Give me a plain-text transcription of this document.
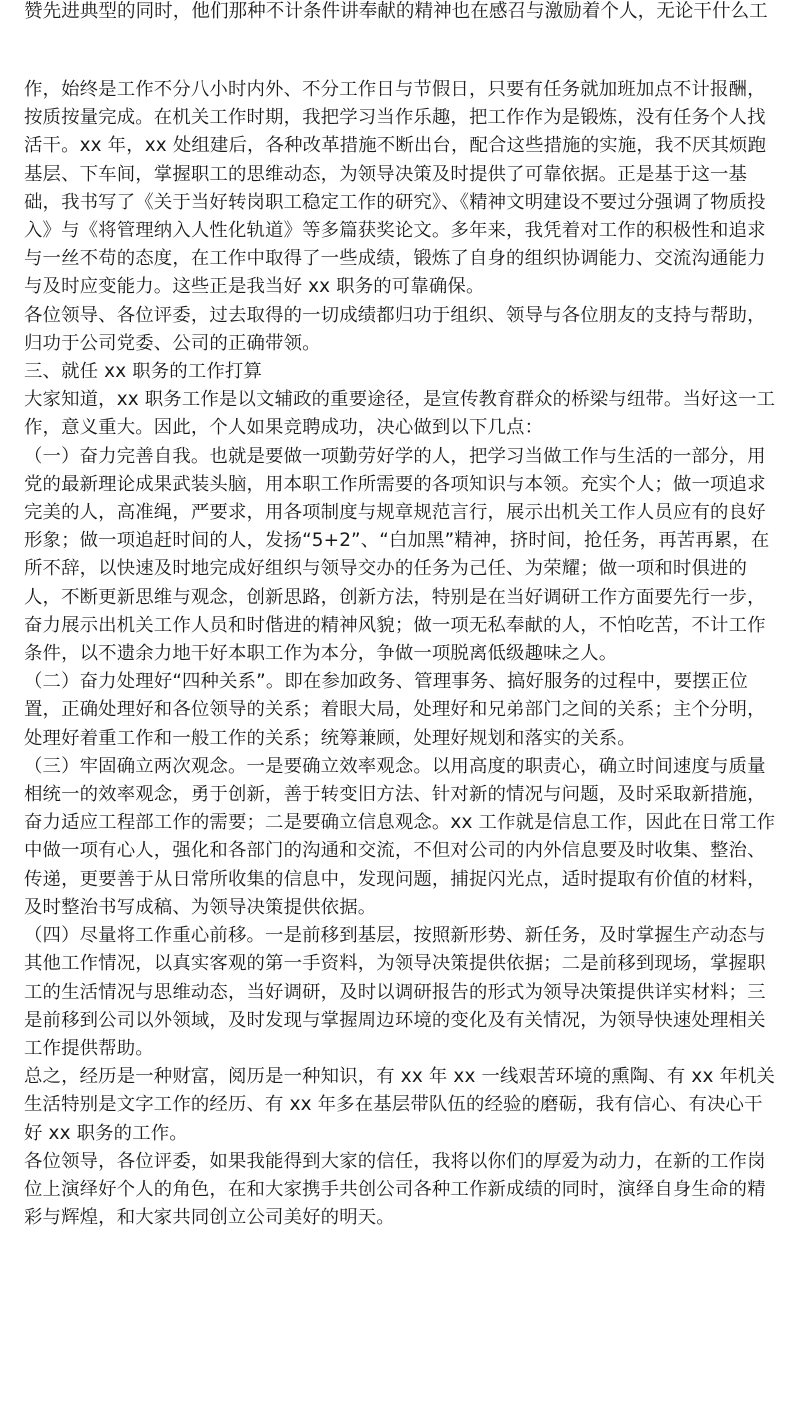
赞先进典型的同时，他们那种不计条件讲奉献的精神也在感召与激励着个人，无论干什么工

作，始终是工作不分八小时内外、不分工作日与节假日，只要有任务就加班加点不计报酬，按质按量完成。在机关工作时期，我把学习当作乐趣，把工作作为是锻炼，没有任务个人找活干。xx 年，xx 处组建后，各种改革措施不断出台，配合这些措施的实施，我不厌其烦跑基层、下车间，掌握职工的思维动态，为领导决策及时提供了可靠依据。正是基于这一基础，我书写了《关于当好转岗职工稳定工作的研究》、《精神文明建设不要过分强调了物质投入》与《将管理纳入人性化轨道》等多篇获奖论文。多年来，我凭着对工作的积极性和追求与一丝不苟的态度，在工作中取得了一些成绩，锻炼了自身的组织协调能力、交流沟通能力与及时应变能力。这些正是我当好 xx 职务的可靠确保。

各位领导、各位评委，过去取得的一切成绩都归功于组织、领导与各位朋友的支持与帮助，归功于公司党委、公司的正确带领。

三、就任 xx 职务的工作打算

大家知道，xx 职务工作是以文辅政的重要途径，是宣传教育群众的桥梁与纽带。当好这一工作，意义重大。因此，个人如果竞聘成功，决心做到以下几点：

（一）奋力完善自我。也就是要做一项勤劳好学的人，把学习当做工作与生活的一部分，用党的最新理论成果武装头脑，用本职工作所需要的各项知识与本领。充实个人；做一项追求完美的人，高准绳，严要求，用各项制度与规章规范言行，展示出机关工作人员应有的良好形象；做一项追赶时间的人，发扬“5+2”、“白加黑”精神，挤时间，抢任务，再苦再累，在所不辞，以快速及时地完成好组织与领导交办的任务为己任、为荣耀；做一项和时俱进的人，不断更新思维与观念，创新思路，创新方法，特别是在当好调研工作方面要先行一步，奋力展示出机关工作人员和时偕进的精神风貌；做一项无私奉献的人，不怕吃苦，不计工作条件，以不遗余力地干好本职工作为本分，争做一项脱离低级趣味之人。

（二）奋力处理好“四种关系”。即在参加政务、管理事务、搞好服务的过程中，要摆正位置，正确处理好和各位领导的关系；着眼大局，处理好和兄弟部门之间的关系；主个分明，处理好着重工作和一般工作的关系；统筹兼顾，处理好规划和落实的关系。

（三）牢固确立两次观念。一是要确立效率观念。以用高度的职责心，确立时间速度与质量相统一的效率观念，勇于创新，善于转变旧方法、针对新的情况与问题，及时采取新措施，奋力适应工程部工作的需要；二是要确立信息观念。xx 工作就是信息工作，因此在日常工作中做一项有心人，强化和各部门的沟通和交流，不但对公司的内外信息要及时收集、整治、传递，更要善于从日常所收集的信息中，发现问题，捕捉闪光点，适时提取有价值的材料，及时整治书写成稿、为领导决策提供依据。

（四）尽量将工作重心前移。一是前移到基层，按照新形势、新任务，及时掌握生产动态与其他工作情况，以真实客观的第一手资料，为领导决策提供依据；二是前移到现场，掌握职工的生活情况与思维动态，当好调研，及时以调研报告的形式为领导决策提供详实材料；三是前移到公司以外领域，及时发现与掌握周边环境的变化及有关情况，为领导快速处理相关工作提供帮助。

总之，经历是一种财富，阅历是一种知识，有 xx 年 xx 一线艰苦环境的熏陶、有 xx 年机关生活特别是文字工作的经历、有 xx 年多在基层带队伍的经验的磨砺，我有信心、有决心干好 xx 职务的工作。

各位领导，各位评委，如果我能得到大家的信任，我将以你们的厚爱为动力，在新的工作岗位上演绎好个人的角色，在和大家携手共创公司各种工作新成绩的同时，演绎自身生命的精彩与辉煌，和大家共同创立公司美好的明天。
